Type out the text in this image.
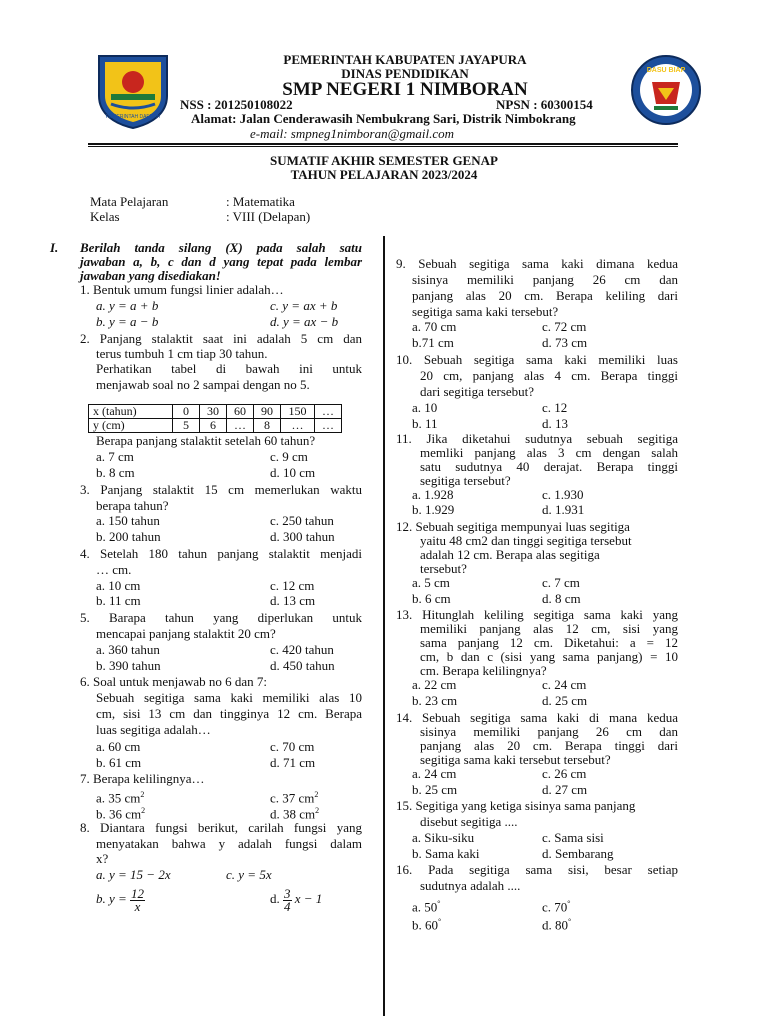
PEMERINTAH DAERAH
DASU BIAP
PEMERINTAH KABUPATEN JAYAPURA
DINAS PENDIDIKAN
SMP NEGERI 1 NIMBORAN
NSS : 201250108022	NPSN : 60300154
Alamat: Jalan Cenderawasih Nembukrang Sari, Distrik Nimbokrang
e-mail: smpneg1nimboran@gmail.com
SUMATIF AKHIR SEMESTER GENAP
TAHUN PELAJARAN 2023/2024
Mata Pelajaran	: Matematika
Kelas	: VIII (Delapan)
I. Berilah tanda silang (X) pada salah satu
jawaban a, b, c dan d yang tepat pada lembar
jawaban yang disediakan!
1. Bentuk umum fungsi linier adalah…
a. y = a + b	c. y = ax + b
b. y = a − b	d. y = ax − b
2. Panjang stalaktit saat ini adalah 5 cm dan
terus tumbuh 1 cm tiap 30 tahun.
Perhatikan tabel di bawah ini untuk
menjawab soal no 2 sampai dengan no 5.
x (tahun)	0	30	60	90	150	…
y (cm)	5	6	…	8	…	…
Berapa panjang stalaktit setelah 60 tahun?
a. 7 cm	c. 9 cm
b. 8 cm	d. 10 cm
3. Panjang stalaktit 15 cm memerlukan waktu
berapa tahun?
a. 150 tahun	c. 250 tahun
b. 200 tahun	d. 300 tahun
4. Setelah 180 tahun panjang stalaktit menjadi
… cm.
a. 10 cm	c. 12 cm
b. 11 cm	d. 13 cm
5. Barapa tahun yang diperlukan untuk
mencapai panjang stalaktit 20 cm?
a. 360 tahun	c. 420 tahun
b. 390 tahun	d. 450 tahun
6. Soal untuk menjawab no 6 dan 7:
Sebuah segitiga sama kaki memiliki alas 10
cm, sisi 13 cm dan tingginya 12 cm. Berapa
luas segitiga adalah…
a. 60 cm	c. 70 cm
b. 61 cm	d. 71 cm
7. Berapa kelilingnya…
a. 35 $cm^2$	c. 37 $cm^2$
b. 36 $cm^2$	d. 38 $cm^2$
8. Diantara fungsi berikut, carilah fungsi yang
menyatakan bahwa y adalah fungsi dalam
x?
a. y = 15 − 2x	c. y = 5x
b. $y = \frac{12}{x}$	d. $\frac{3}{4}$ x − 1
9. Sebuah segitiga sama kaki dimana kedua
sisinya memiliki panjang 26 cm dan
panjang alas 20 cm. Berapa keliling dari
segitiga sama kaki tersebut?
a. 70 cm	c. 72 cm
b.71 cm	d. 73 cm
10. Sebuah segitiga sama kaki memiliki luas
20 cm, panjang alas 4 cm. Berapa tinggi
dari segitiga tersebut?
a. 10	c. 12
b. 11	d. 13
11. Jika diketahui sudutnya sebuah segitiga
memliki panjang alas 3 cm dengan salah
satu sudutnya 40 derajat. Berapa tinggi
segitiga tersebut?
a. 1.928	c. 1.930
b. 1.929	d. 1.931
12. Sebuah segitiga mempunyai luas segitiga
yaitu 48 cm2 dan tinggi segitiga tersebut
adalah 12 cm. Berapa alas segitiga
tersebut?
a. 5 cm	c. 7 cm
b. 6 cm	d. 8 cm
13. Hitunglah keliling segitiga sama kaki yang
memiliki panjang alas 12 cm, sisi yang
sama panjang 12 cm. Diketahui: a = 12
cm, b dan c (sisi yang sama panjang) = 10
cm. Berapa kelilingnya?
a. 22 cm	c. 24 cm
b. 23 cm	d. 25 cm
14. Sebuah segitiga sama kaki di mana kedua
sisinya memiliki panjang 26 cm dan
panjang alas 20 cm. Berapa tinggi dari
segitiga sama kaki tersebut tersebut?
a. 24 cm	c. 26 cm
b. 25 cm	d. 27 cm
15. Segitiga yang ketiga sisinya sama panjang
disebut segitiga ....
a. Siku-siku	c. Sama sisi
b. Sama kaki	d. Sembarang
16. Pada segitiga sama sisi, besar setiap
sudutnya adalah ....
a. 50°	c. 70°
b. 60°	d. 80°
